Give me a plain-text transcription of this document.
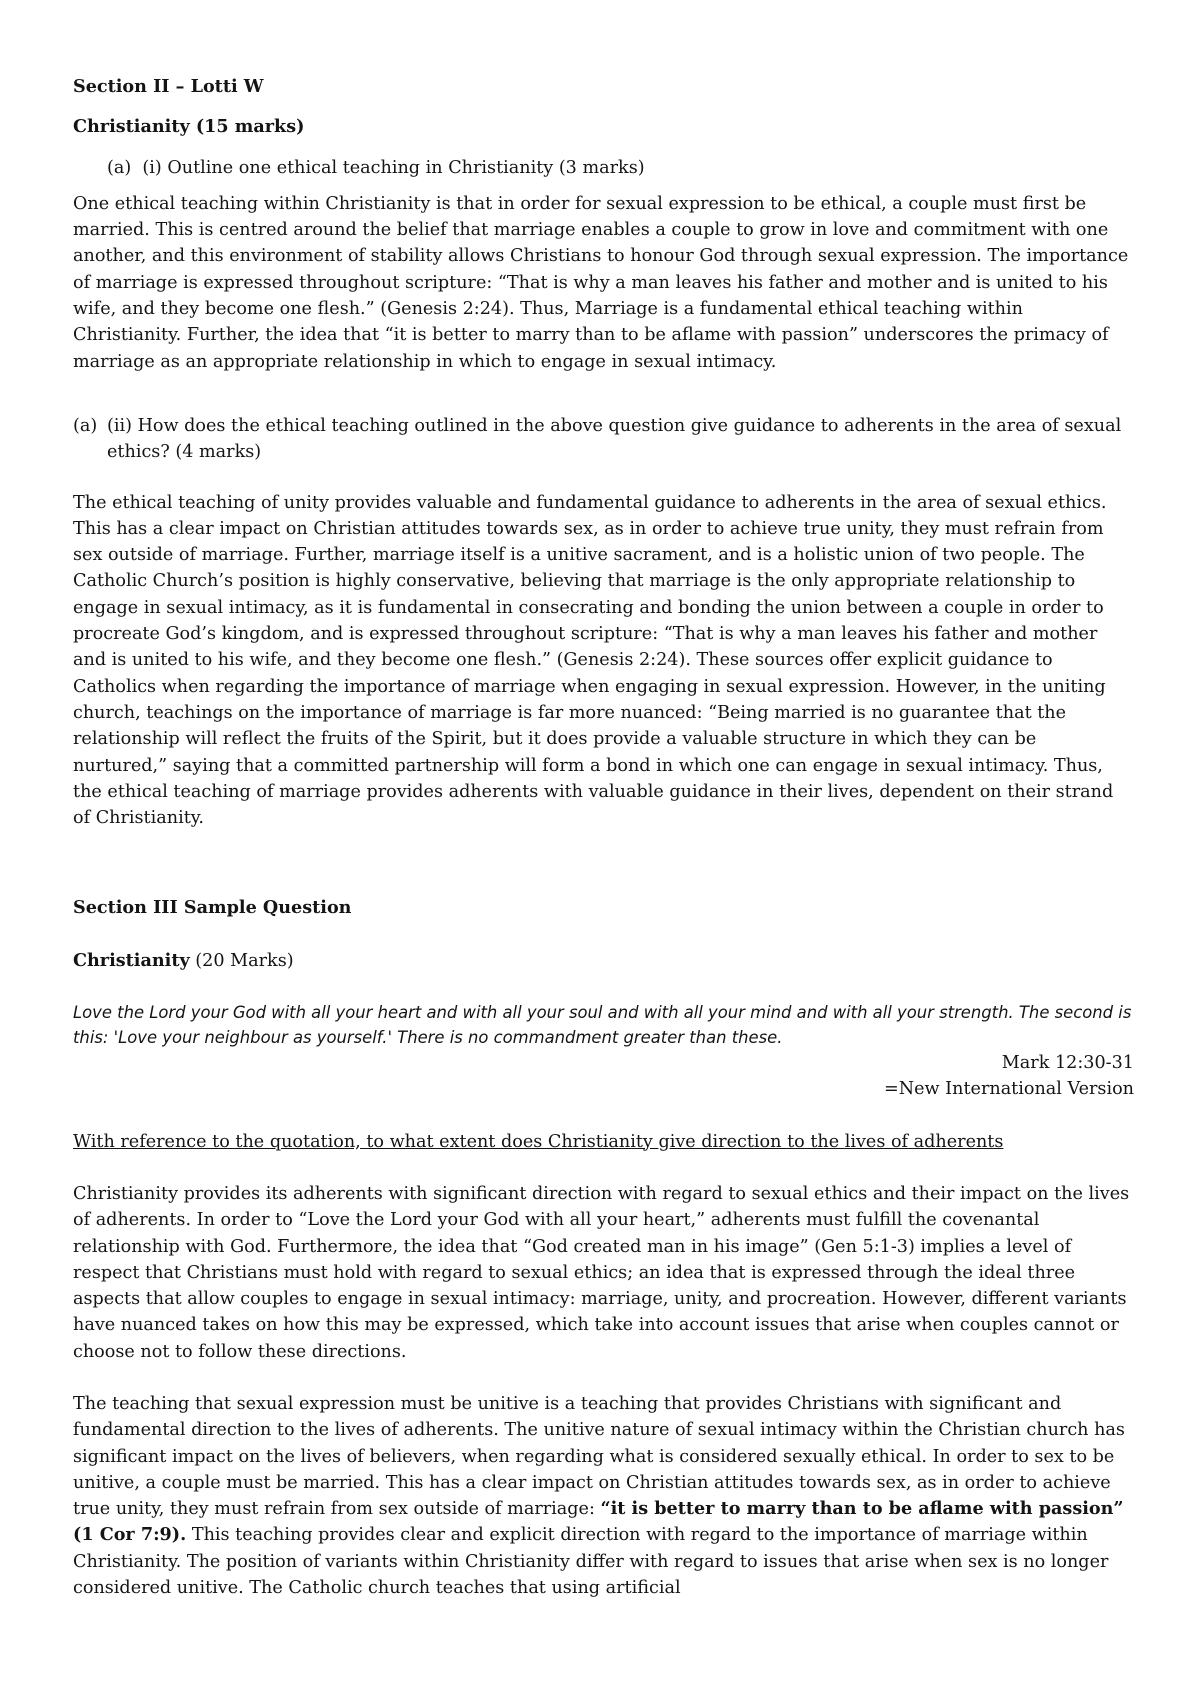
Section II – Lotti W

Christianity (15 marks)

(a) (i) Outline one ethical teaching in Christianity (3 marks)

One ethical teaching within Christianity is that in order for sexual expression to be ethical, a couple must first be married. This is centred around the belief that marriage enables a couple to grow in love and commitment with one another, and this environment of stability allows Christians to honour God through sexual expression. The importance of marriage is expressed throughout scripture: “That is why a man leaves his father and mother and is united to his wife, and they become one flesh.” (Genesis 2:24). Thus, Marriage is a fundamental ethical teaching within Christianity. Further, the idea that “it is better to marry than to be aflame with passion” underscores the primacy of marriage as an appropriate relationship in which to engage in sexual intimacy.

(a) (ii) How does the ethical teaching outlined in the above question give guidance to adherents in the area of sexual ethics? (4 marks)

The ethical teaching of unity provides valuable and fundamental guidance to adherents in the area of sexual ethics. This has a clear impact on Christian attitudes towards sex, as in order to achieve true unity, they must refrain from sex outside of marriage. Further, marriage itself is a unitive sacrament, and is a holistic union of two people. The Catholic Church’s position is highly conservative, believing that marriage is the only appropriate relationship to engage in sexual intimacy, as it is fundamental in consecrating and bonding the union between a couple in order to procreate God’s kingdom, and is expressed throughout scripture: “That is why a man leaves his father and mother and is united to his wife, and they become one flesh.” (Genesis 2:24). These sources offer explicit guidance to Catholics when regarding the importance of marriage when engaging in sexual expression. However, in the uniting church, teachings on the importance of marriage is far more nuanced: “Being married is no guarantee that the relationship will reflect the fruits of the Spirit, but it does provide a valuable structure in which they can be nurtured,” saying that a committed partnership will form a bond in which one can engage in sexual intimacy. Thus, the ethical teaching of marriage provides adherents with valuable guidance in their lives, dependent on their strand of Christianity.

Section III Sample Question

Christianity (20 Marks)

Love the Lord your God with all your heart and with all your soul and with all your mind and with all your strength. The second is this: 'Love your neighbour as yourself.' There is no commandment greater than these.

Mark 12:30-31

=New International Version

With reference to the quotation, to what extent does Christianity give direction to the lives of adherents

Christianity provides its adherents with significant direction with regard to sexual ethics and their impact on the lives of adherents. In order to “Love the Lord your God with all your heart,” adherents must fulfill the covenantal relationship with God. Furthermore, the idea that “God created man in his image” (Gen 5:1-3) implies a level of respect that Christians must hold with regard to sexual ethics; an idea that is expressed through the ideal three aspects that allow couples to engage in sexual intimacy: marriage, unity, and procreation. However, different variants have nuanced takes on how this may be expressed, which take into account issues that arise when couples cannot or choose not to follow these directions.

The teaching that sexual expression must be unitive is a teaching that provides Christians with significant and fundamental direction to the lives of adherents. The unitive nature of sexual intimacy within the Christian church has significant impact on the lives of believers, when regarding what is considered sexually ethical. In order to sex to be unitive, a couple must be married. This has a clear impact on Christian attitudes towards sex, as in order to achieve true unity, they must refrain from sex outside of marriage: “it is better to marry than to be aflame with passion” (1 Cor 7:9). This teaching provides clear and explicit direction with regard to the importance of marriage within Christianity. The position of variants within Christianity differ with regard to issues that arise when sex is no longer considered unitive. The Catholic church teaches that using artificial
